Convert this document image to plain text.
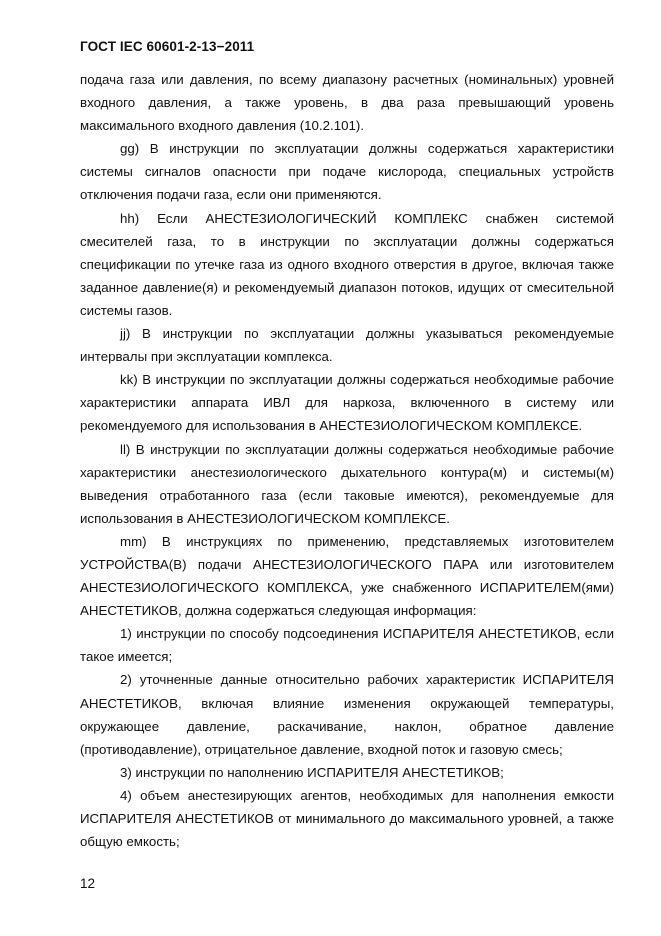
ГОСТ IEC 60601-2-13−2011

подача газа или давления, по всему диапазону расчетных (номинальных) уровней входного давления, а также уровень, в два раза превышающий уровень максимального входного давления (10.2.101).

gg) В инструкции по эксплуатации должны содержаться характеристики системы сигналов опасности при подаче кислорода, специальных устройств отключения подачи газа, если они применяются.

hh) Если АНЕСТЕЗИОЛОГИЧЕСКИЙ КОМПЛЕКС снабжен системой смесителей газа, то в инструкции по эксплуатации должны содержаться спецификации по утечке газа из одного входного отверстия в другое, включая также заданное давление(я) и рекомендуемый диапазон потоков, идущих от смесительной системы газов.

jj) В инструкции по эксплуатации должны указываться рекомендуемые интервалы при эксплуатации комплекса.

kk) В инструкции по эксплуатации должны содержаться необходимые рабочие характеристики аппарата ИВЛ для наркоза, включенного в систему или рекомендуемого для использования в АНЕСТЕЗИОЛОГИЧЕСКОМ КОМПЛЕКСЕ.

ll) В инструкции по эксплуатации должны содержаться необходимые рабочие характеристики анестезиологического дыхательного контура(м) и системы(м) выведения отработанного газа (если таковые имеются), рекомендуемые для использования в АНЕСТЕЗИОЛОГИЧЕСКОМ КОМПЛЕКСЕ.

mm) В инструкциях по применению, представляемых изготовителем УСТРОЙСТВА(В) подачи АНЕСТЕЗИОЛОГИЧЕСКОГО ПАРА или изготовителем АНЕСТЕЗИОЛОГИЧЕСКОГО КОМПЛЕКСА, уже снабженного ИСПАРИТЕЛЕМ(ями) АНЕСТЕТИКОВ, должна содержаться следующая информация:

1) инструкции по способу подсоединения ИСПАРИТЕЛЯ АНЕСТЕТИКОВ, если такое имеется;

2) уточненные данные относительно рабочих характеристик ИСПАРИТЕЛЯ АНЕСТЕТИКОВ, включая влияние изменения окружающей температуры, окружающее давление, раскачивание, наклон, обратное давление (противодавление), отрицательное давление, входной поток и газовую смесь;

3) инструкции по наполнению ИСПАРИТЕЛЯ АНЕСТЕТИКОВ;

4) объем анестезирующих агентов, необходимых для наполнения емкости ИСПАРИТЕЛЯ АНЕСТЕТИКОВ от минимального до максимального уровней, а также общую емкость;

12
